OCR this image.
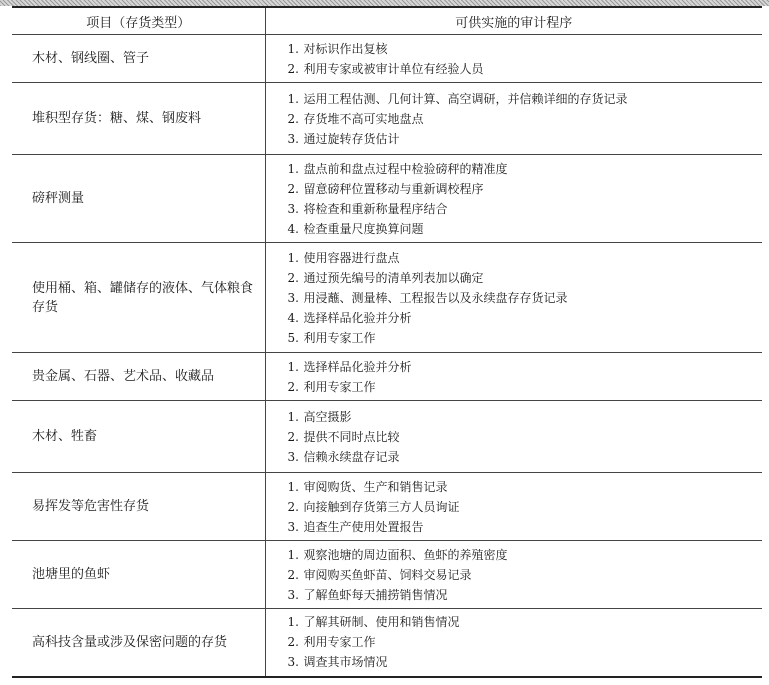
项目（存货类型）	可供实施的审计程序

木材、钢线圈、管子	1. 对标识作出复核
2. 利用专家或被审计单位有经验人员

堆积型存货：糖、煤、钢废料	1. 运用工程估测、几何计算、高空调研，并信赖详细的存货记录
2. 存货堆不高可实地盘点
3. 通过旋转存货估计

磅秤测量	1. 盘点前和盘点过程中检验磅秤的精准度
2. 留意磅秤位置移动与重新调校程序
3. 将检查和重新称量程序结合
4. 检查重量尺度换算问题

使用桶、箱、罐储存的液体、气体粮食存货	1. 使用容器进行盘点
2. 通过预先编号的清单列表加以确定
3. 用浸蘸、测量棒、工程报告以及永续盘存存货记录
4. 选择样品化验并分析
5. 利用专家工作

贵金属、石器、艺术品、收藏品	1. 选择样品化验并分析
2. 利用专家工作

木材、牲畜	1. 高空摄影
2. 提供不同时点比较
3. 信赖永续盘存记录

易挥发等危害性存货	1. 审阅购货、生产和销售记录
2. 向接触到存货第三方人员询证
3. 追查生产使用处置报告

池塘里的鱼虾	1. 观察池塘的周边面积、鱼虾的养殖密度
2. 审阅购买鱼虾苗、饲料交易记录
3. 了解鱼虾每天捕捞销售情况

高科技含量或涉及保密问题的存货	1. 了解其研制、使用和销售情况
2. 利用专家工作
3. 调查其市场情况
